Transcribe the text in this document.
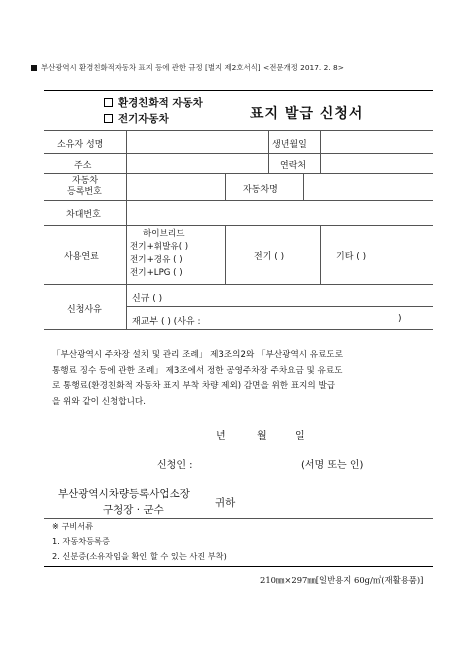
부산광역시 환경친화적자동차 표지 등에 관한 규정 [별지 제2호서식] <전문개정 2017. 2. 8>
환경친화적 자동차
전기자동차	표지 발급 신청서
소유자 성명	생년월일
주소	연락처
자동차
등록번호	자동차명
차대번호
사용연료
하이브리드
전기+휘발유( )
전기+경유 ( )
전기+LPG ( )
전기 ( )	기타 ( )
신청사유
신규 ( )
재교부 ( ) (사유 :	)
「부산광역시 주차장 설치 및 관리 조례」 제3조의2와 「부산광역시 유료도로
통행료 징수 등에 관한 조례」 제3조에서 정한 공영주차장 주차요금 및 유료도
로 통행료(환경친화적 자동차 표지 부착 차량 제외) 감면을 위한 표지의 발급
을 위와 같이 신청합니다.
년	월	일
신청인 :	(서명 또는 인)
부산광역시차량등록사업소장
구청장 · 군수
귀하
※ 구비서류
1. 자동차등록증
2. 신분증(소유자임을 확인 할 수 있는 사진 부착)
210㎜×297㎜[일반용지 60g/㎡(재활용품)]
